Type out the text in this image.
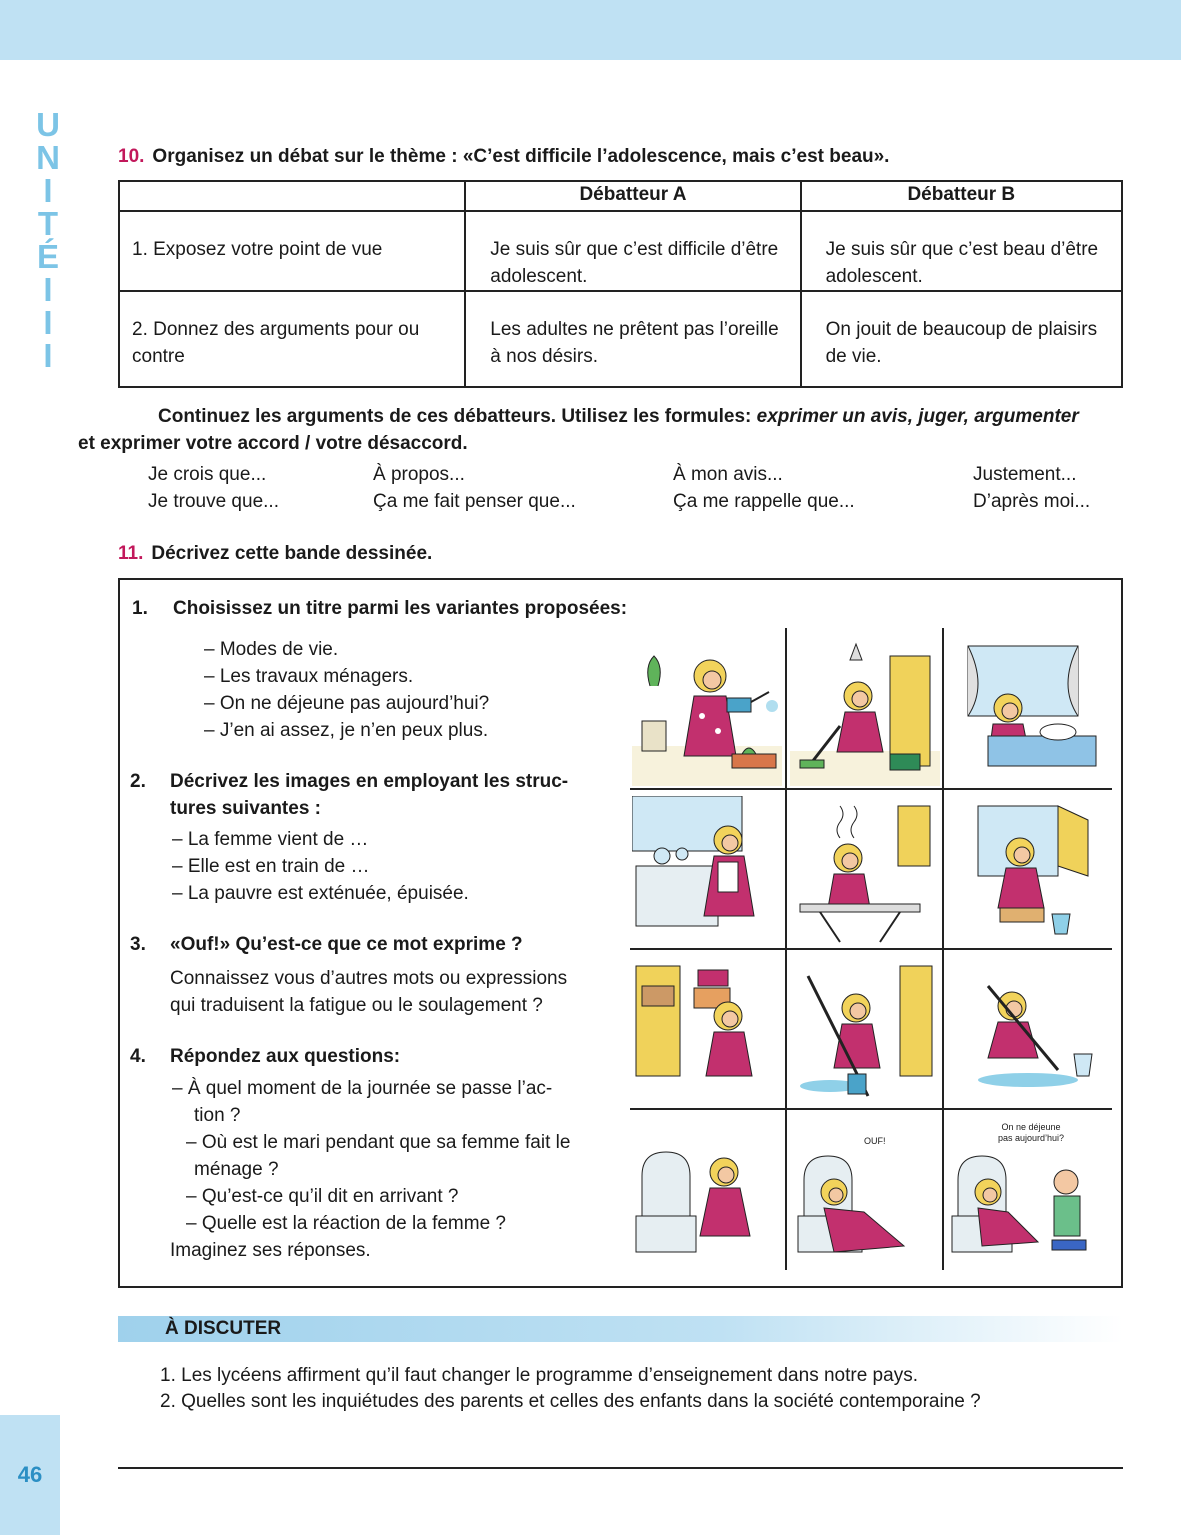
U
N
I
T
É
I
I
I
10. Organisez un débat sur le thème : «C’est difficile l’adolescence, mais c’est beau».
	Débatteur A	Débatteur B
1. Exposez votre point de vue	Je suis sûr que c’est difficile d’être adolescent.	Je suis sûr que c’est beau d’être adolescent.
2. Donnez des arguments pour ou contre	Les adultes ne prêtent pas l’oreille à nos désirs.	On jouit de beaucoup de plaisirs de vie.
Continuez les arguments de ces débatteurs. Utilisez les formules: exprimer un avis, juger, argumenter
et exprimer votre accord / votre désaccord.
Je crois que...
Je trouve que...
À propos...
Ça me fait penser que...
À mon avis...
Ça me rappelle que...
Justement...
D’après moi...
11. Décrivez cette bande dessinée.
1. Choisissez un titre parmi les variantes proposées:
– Modes de vie.
– Les travaux ménagers.
– On ne déjeune pas aujourd’hui?
– J’en ai assez, je n’en peux plus.
2. Décrivez les images en employant les struc-
tures suivantes :
– La femme vient de …
– Elle est en train de …
– La pauvre est exténuée, épuisée.
3. «Ouf!» Qu’est-ce que ce mot exprime ?
Connaissez vous d’autres mots ou expressions
qui traduisent la fatigue ou le soulagement ?
4. Répondez aux questions:
– À quel moment de la journée se passe l’ac-
tion ?
– Où est le mari pendant que sa femme fait le
ménage ?
– Qu’est-ce qu’il dit en arrivant ?
– Quelle est la réaction de la femme ?
Imaginez ses réponses.
OUF!
On ne déjeune
pas aujourd’hui?
À DISCUTER
1. Les lycéens affirment qu’il faut changer le programme d’enseignement dans notre pays.
2. Quelles sont les inquiétudes des parents et celles des enfants dans la société contemporaine ?
46
